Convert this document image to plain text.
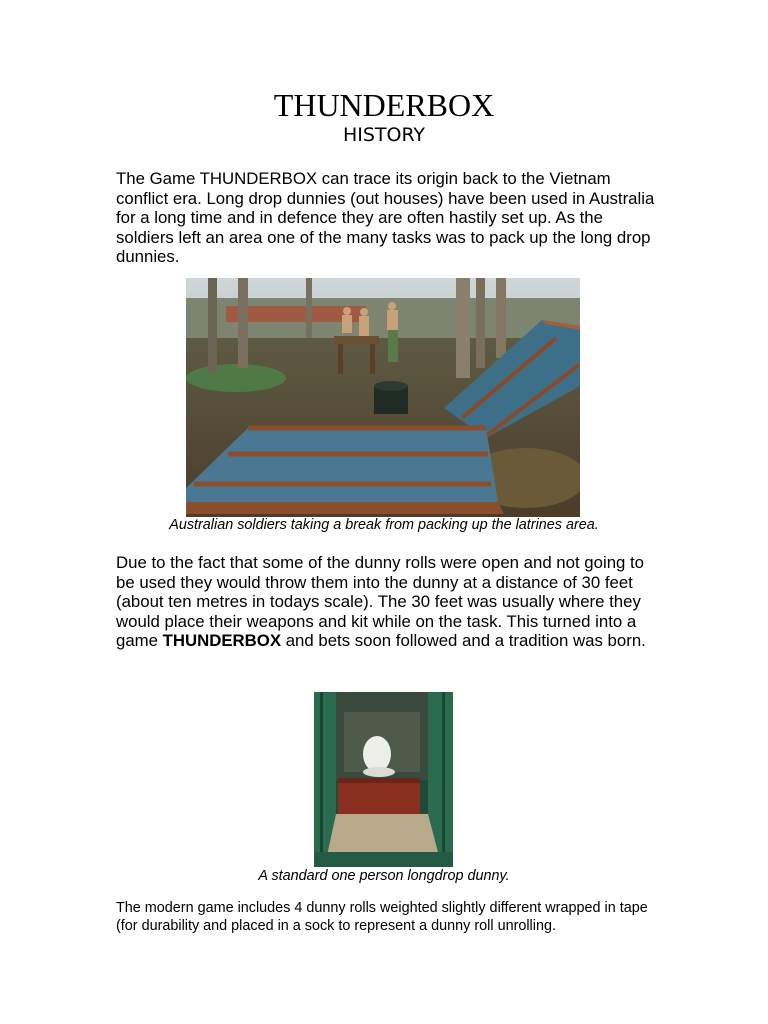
THUNDERBOX
HISTORY

The Game THUNDERBOX can trace its origin back to the Vietnam conflict era. Long drop dunnies (out houses) have been used in Australia for a long time and in defence they are often hastily set up. As the soldiers left an area one of the many tasks was to pack up the long drop dunnies.

Australian soldiers taking a break from packing up the latrines area.

Due to the fact that some of the dunny rolls were open and not going to be used they would throw them into the dunny at a distance of 30 feet (about ten metres in todays scale). The 30 feet was usually where they would place their weapons and kit while on the task. This turned into a game THUNDERBOX and bets soon followed and a tradition was born.

A standard one person longdrop dunny.

The modern game includes 4 dunny rolls weighted slightly different wrapped in tape (for durability and placed in a sock to represent a dunny roll unrolling.
